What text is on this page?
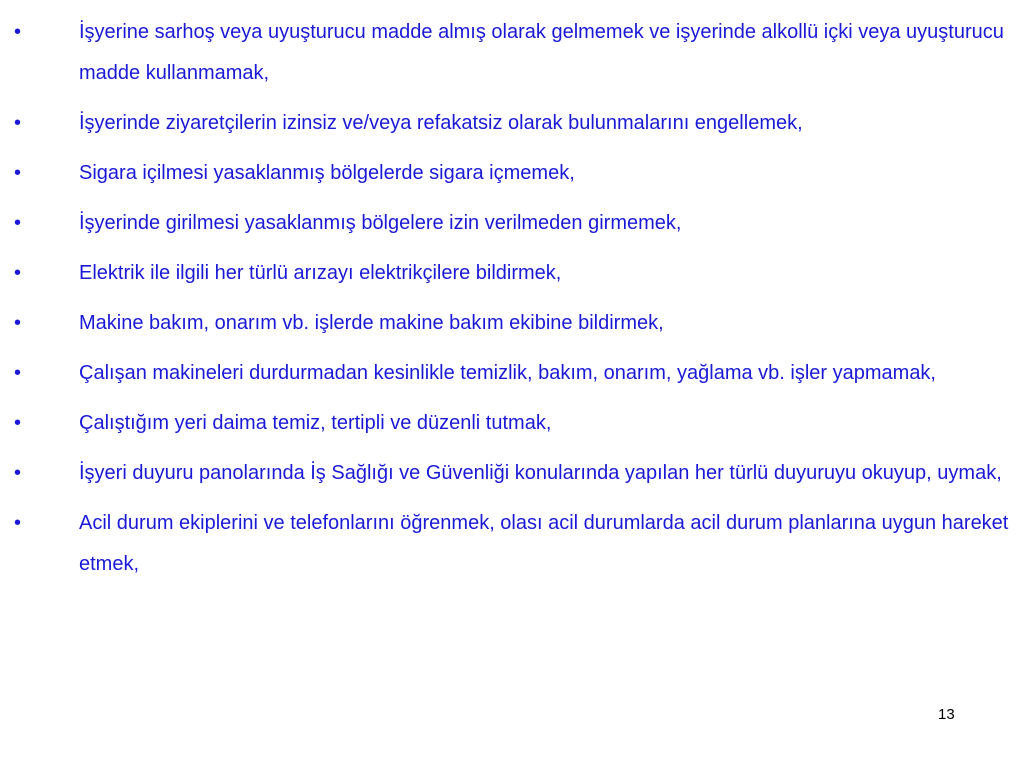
•	İşyerine sarhoş veya uyuşturucu madde almış olarak gelmemek ve işyerinde alkollü içki veya uyuşturucu madde kullanmamak,
•	İşyerinde ziyaretçilerin izinsiz ve/veya refakatsiz olarak bulunmalarını engellemek,
•	Sigara içilmesi yasaklanmış bölgelerde sigara içmemek,
•	İşyerinde girilmesi yasaklanmış bölgelere izin verilmeden girmemek,
•	Elektrik ile ilgili her türlü arızayı elektrikçilere bildirmek,
•	Makine bakım, onarım vb. işlerde makine bakım ekibine bildirmek,
•	Çalışan makineleri durdurmadan kesinlikle temizlik, bakım, onarım, yağlama vb. işler yapmamak,
•	Çalıştığım yeri daima temiz, tertipli ve düzenli tutmak,
•	İşyeri duyuru panolarında İş Sağlığı ve Güvenliği konularında yapılan her türlü duyuruyu okuyup, uymak,
•	Acil durum ekiplerini ve telefonlarını öğrenmek, olası acil durumlarda acil durum planlarına uygun hareket etmek,
13
